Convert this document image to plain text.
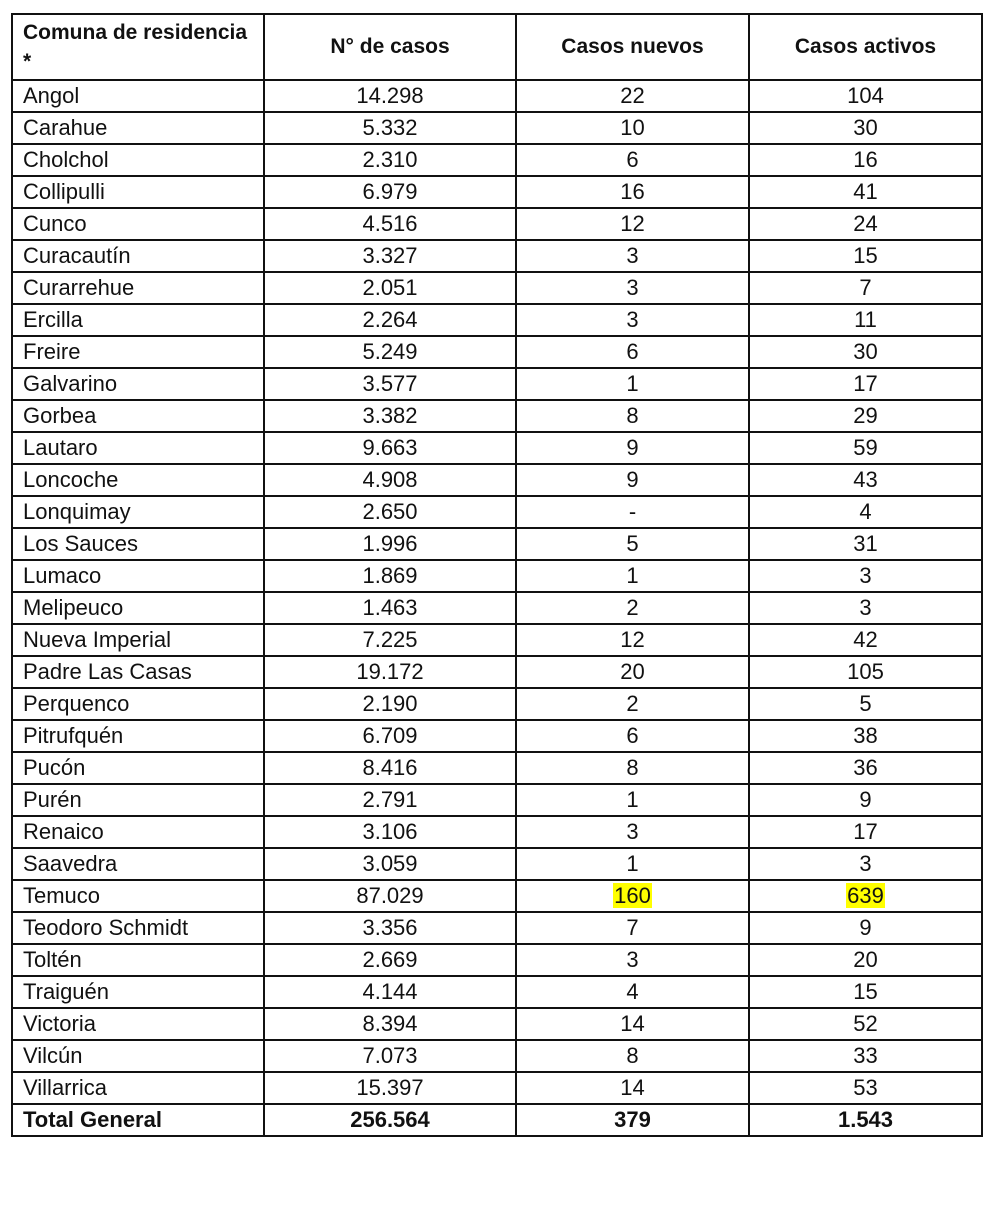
Comuna de residencia *	N° de casos	Casos nuevos	Casos activos
Angol	14.298	22	104
Carahue	5.332	10	30
Cholchol	2.310	6	16
Collipulli	6.979	16	41
Cunco	4.516	12	24
Curacautín	3.327	3	15
Curarrehue	2.051	3	7
Ercilla	2.264	3	11
Freire	5.249	6	30
Galvarino	3.577	1	17
Gorbea	3.382	8	29
Lautaro	9.663	9	59
Loncoche	4.908	9	43
Lonquimay	2.650	-	4
Los Sauces	1.996	5	31
Lumaco	1.869	1	3
Melipeuco	1.463	2	3
Nueva Imperial	7.225	12	42
Padre Las Casas	19.172	20	105
Perquenco	2.190	2	5
Pitrufquén	6.709	6	38
Pucón	8.416	8	36
Purén	2.791	1	9
Renaico	3.106	3	17
Saavedra	3.059	1	3
Temuco	87.029	160	639
Teodoro Schmidt	3.356	7	9
Toltén	2.669	3	20
Traiguén	4.144	4	15
Victoria	8.394	14	52
Vilcún	7.073	8	33
Villarrica	15.397	14	53
Total General	256.564	379	1.543
